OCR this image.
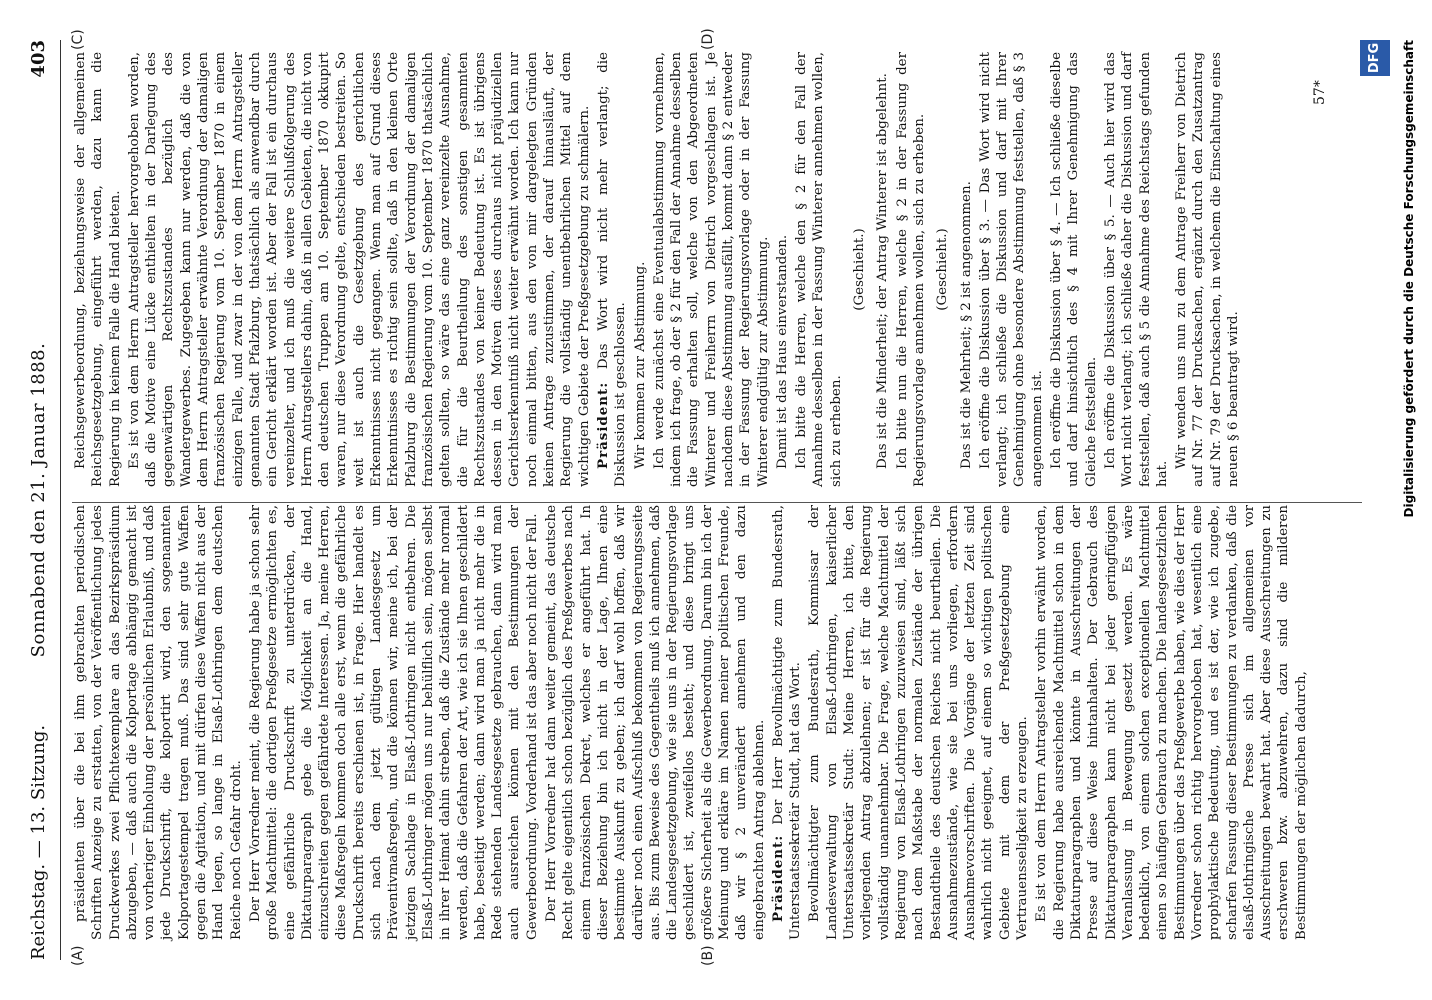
Reichstag. — 13. Sitzung.
Sonnabend den 21. Januar 1888.
403
(A)	(B)
(C)	(D)

präsidenten über die bei ihm gebrachten periodischen Schriften Anzeige zu erstatten, von der Veröffentlichung jedes Druckwerkes zwei Pflichtexemplare an das Bezirkspräsidium abzugeben, — daß auch die Kolportage abhängig gemacht ist von vorheriger Einholung der persönlichen Erlaubniß, und daß jede Druckschrift, die kolportirt wird, den sogenannten Kolportagestempel tragen muß. Das sind sehr gute Waffen gegen die Agitation, und mit dürfen diese Waffen nicht aus der Hand legen, so lange in Elsaß-Lothringen dem deutschen Reiche noch Gefahr droht. Der Herr Vorredner meint, die Regierung habe ja schon sehr große Machtmittel: die dortigen Preßgesetze ermöglichten es, eine gefährliche Druckschrift zu unterdrücken, der Diktaturparagraph gebe die Möglichkeit an die Hand, einzuschreiten gegen gefährdete Interessen. Ja, meine Herren, diese Maßregeln kommen doch alle erst, wenn die gefährliche Druckschrift bereits erschienen ist, in Frage. Hier handelt es sich nach dem jetzt gültigen Landesgesetz um Präventivmaßregeln, und die können wir, meine ich, bei der jetzigen Sachlage in Elsaß-Lothringen nicht entbehren. Die Elsaß-Lothringer mögen uns nur behülflich sein, mögen selbst in ihrer Heimat dahin streben, daß die Zustände mehr normal werden, daß die Gefahren der Art, wie ich sie Ihnen geschildert habe, beseitigt werden; dann wird man ja nicht mehr die in Rede stehenden Landesgesetze gebrauchen, dann wird man auch ausreichen können mit den Bestimmungen der Gewerbeordnung. Vorderhand ist das aber noch nicht der Fall. Der Herr Vorredner hat dann weiter gemeint, das deutsche Recht gelte eigentlich schon bezüglich des Preßgewerbes nach einem französischen Dekret, welches er angeführt hat. In dieser Beziehung bin ich nicht in der Lage, Ihnen eine bestimmte Auskunft zu geben; ich darf wohl hoffen, daß wir darüber noch einen Aufschluß bekommen von Regierungsseite aus. Bis zum Beweise des Gegentheils muß ich annehmen, daß die Landesgesetzgebung, wie sie uns in der Regierungsvorlage geschildert ist, zweifellos besteht; und diese bringt uns größere Sicherheit als die Gewerbeordnung. Darum bin ich der Meinung und erkläre im Namen meiner politischen Freunde, daß wir § 2 unverändert annehmen und den dazu eingebrachten Antrag ablehnen. Präsident: Der Herr Bevollmächtigte zum Bundesrath, Unterstaatssekretär Studt, hat das Wort. Bevollmächtigter zum Bundesrath, Kommissar der Landesverwaltung von Elsaß-Lothringen, kaiserlicher Unterstaatssekretär Studt: Meine Herren, ich bitte, den vorliegenden Antrag abzulehnen; er ist für die Regierung vollständig unannehmbar. Die Frage, welche Machtmittel der Regierung von Elsaß-Lothringen zuzuweisen sind, läßt sich nach dem Maßstabe der normalen Zustände der übrigen Bestandtheile des deutschen Reiches nicht beurtheilen. Die Ausnahmezustände, wie sie bei uns vorliegen, erfordern Ausnahmevorschriften. Die Vorgänge der letzten Zeit sind wahrlich nicht geeignet, auf einem so wichtigen politischen Gebiete mit dem der Preßgesetzgebung eine Vertrauensseligkeit zu erzeugen. Es ist von dem Herrn Antragsteller vorhin erwähnt worden, die Regierung habe ausreichende Machtmittel schon in dem Diktaturparagraphen und könnte in Ausschreitungen der Presse auf diese Weise hintanhalten. Der Gebrauch des Diktaturparagraphen kann nicht bei jeder geringfügigen Veranlassung in Bewegung gesetzt werden. Es wäre bedenklich, von einem solchen exceptionellen Machtmittel einen so häufigen Gebrauch zu machen. Die landesgesetzlichen Bestimmungen über das Preßgewerbe haben, wie dies der Herr Vorredner schon richtig hervorgehoben hat, wesentlich eine prophylaktische Bedeutung, und es ist der, wie ich zugebe, scharfen Fassung dieser Bestimmungen zu verdanken, daß die elsaß-lothringische Presse sich im allgemeinen vor Ausschreitungen bewahrt hat. Aber diese Ausschreitungen zu erschweren bzw. abzuwehren, dazu sind die milderen Bestimmungen der möglichen dadurch,

Reichsgewerbeordnung, beziehungsweise der allgemeinen Reichsgesetzgebung, eingeführt werden, dazu kann die Regierung in keinem Falle die Hand bieten. Es ist von dem Herrn Antragsteller hervorgehoben worden, daß die Motive eine Lücke enthielten in der Darlegung des gegenwärtigen Rechtszustandes bezüglich des Wandergewerbes. Zugegeben kann nur werden, daß die von dem Herrn Antragsteller erwähnte Verordnung der damaligen französischen Regierung vom 10. September 1870 in einem einzigen Falle, und zwar in der von dem Herrn Antragsteller genannten Stadt Pfalzburg, thatsächlich als anwendbar durch ein Gericht erklärt worden ist. Aber der Fall ist ein durchaus vereinzelter, und ich muß die weitere Schlußfolgerung des Herrn Antragstellers dahin, daß in allen Gebieten, die nicht von den deutschen Truppen am 10. September 1870 okkupirt waren, nur diese Verordnung gelte, entschieden bestreiten. So weit ist auch die Gesetzgebung des gerichtlichen Erkenntnisses nicht gegangen. Wenn man auf Grund dieses Erkenntnisses es richtig sein sollte, daß in den kleinen Orte Pfalzburg die Bestimmungen der Verordnung der damaligen französischen Regierung vom 10. September 1870 thatsächlich gelten sollten, so wäre das eine ganz vereinzelte Ausnahme, die für die Beurtheilung des sonstigen gesammten Rechtszustandes von keiner Bedeutung ist. Es ist übrigens dessen in den Motiven dieses durchaus nicht präjudiziellen Gerichtserkenntniß nicht weiter erwähnt worden. Ich kann nur noch einmal bitten, aus den von mir dargelegten Gründen keinen Antrage zuzustimmen, der darauf hinausläuft, der Regierung die vollständig unentbehrlichen Mittel auf dem wichtigen Gebiete der Preßgesetzgebung zu schmälern. Präsident: Das Wort wird nicht mehr verlangt; die Diskussion ist geschlossen. Wir kommen zur Abstimmung. Ich werde zunächst eine Eventualabstimmung vornehmen, indem ich frage, ob der § 2 für den Fall der Annahme desselben die Fassung erhalten soll, welche von den Abgeordneten Winterer und Freiherrn von Dietrich vorgeschlagen ist. Je nachdem diese Abstimmung ausfällt, kommt dann § 2 entweder in der Fassung der Regierungsvorlage oder in der Fassung Winterer endgültig zur Abstimmung. Damit ist das Haus einverstanden. Ich bitte die Herren, welche den § 2 für den Fall der Annahme desselben in der Fassung Winterer annehmen wollen, sich zu erheben.

(Geschieht.) Das ist die Minderheit; der Antrag Winterer ist abgelehnt. Ich bitte nun die Herren, welche § 2 in der Fassung der Regierungsvorlage annehmen wollen, sich zu erheben. (Geschieht.) Das ist die Mehrheit; § 2 ist angenommen. Ich eröffne die Diskussion über § 3. — Das Wort wird nicht verlangt; ich schließe die Diskussion und darf mit Ihrer Genehmigung ohne besondere Abstimmung feststellen, daß § 3 angenommen ist. Ich eröffne die Diskussion über § 4. — Ich schließe dieselbe und darf hinsichtlich des § 4 mit Ihrer Genehmigung das Gleiche feststellen. Ich eröffne die Diskussion über § 5. — Auch hier wird das Wort nicht verlangt; ich schließe daher die Diskussion und darf feststellen, daß auch § 5 die Annahme des Reichstags gefunden hat.

Wir wenden uns nun zu dem Antrage Freiherr von Dietrich auf Nr. 77 der Drucksachen, ergänzt durch den Zusatzantrag auf Nr. 79 der Drucksachen, in welchem die Einschaltung eines neuen § 6 beantragt wird.

57*
DFG	Digitalisierung gefördert durch die Deutsche Forschungsgemeinschaft
